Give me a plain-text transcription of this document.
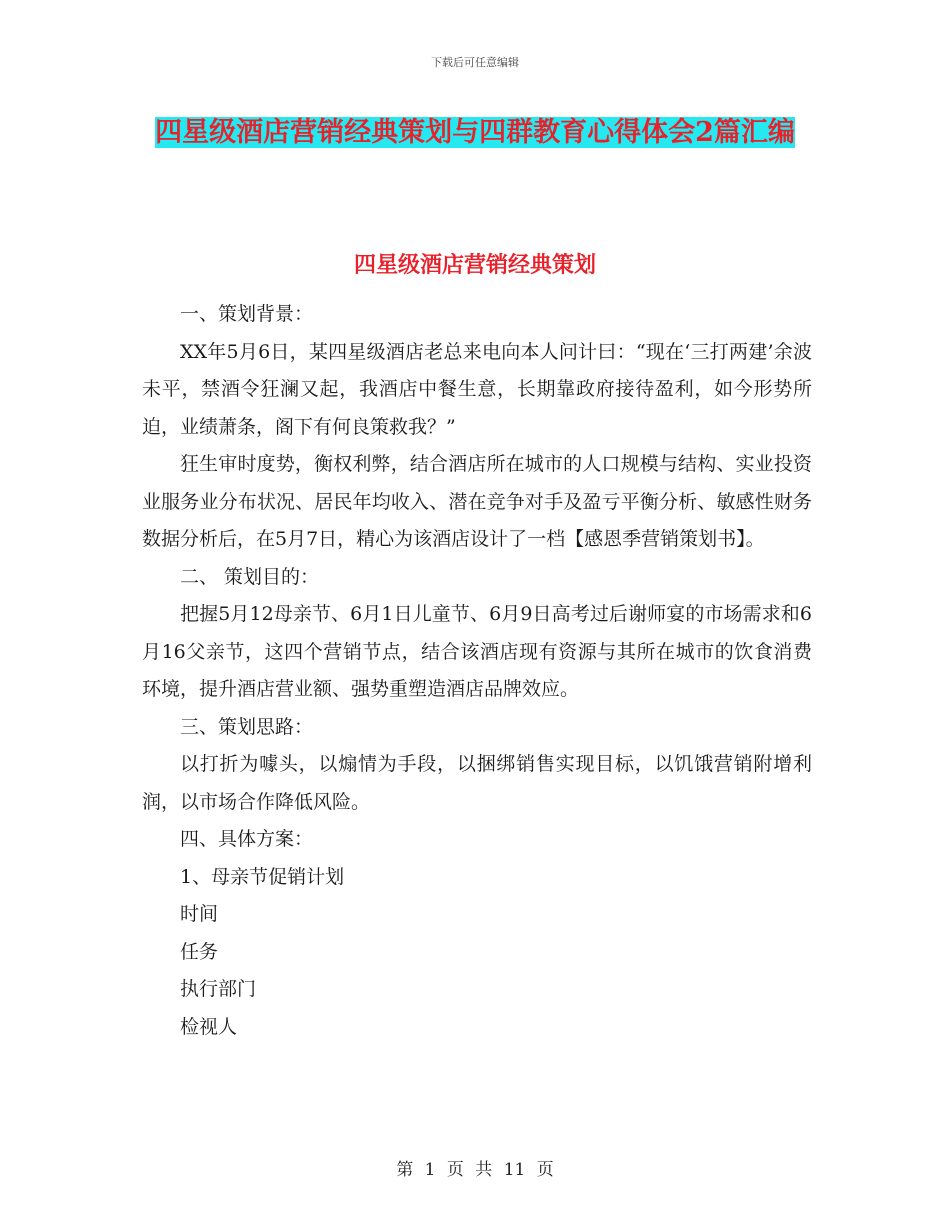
下载后可任意编辑
四星级酒店营销经典策划与四群教育心得体会2篇汇编
四星级酒店营销经典策划

一、策划背景：

XX年5月6日，某四星级酒店老总来电向本人问计曰：“现在‘三打两建’余波未平，禁酒令狂澜又起，我酒店中餐生意，长期靠政府接待盈利，如今形势所迫，业绩萧条，阁下有何良策救我？”

狂生审时度势，衡权利弊，结合酒店所在城市的人口规模与结构、实业投资业服务业分布状况、居民年均收入、潜在竞争对手及盈亏平衡分析、敏感性财务数据分析后，在5月7日，精心为该酒店设计了一档【感恩季营销策划书】。

二、 策划目的：

把握5月12母亲节、6月1日儿童节、6月9日高考过后谢师宴的市场需求和6月16父亲节，这四个营销节点，结合该酒店现有资源与其所在城市的饮食消费环境，提升酒店营业额、强势重塑造酒店品牌效应。

三、策划思路：

以打折为噱头，以煽情为手段，以捆绑销售实现目标，以饥饿营销附增利润，以市场合作降低风险。

四、具体方案：

1、母亲节促销计划

时间

任务

执行部门

检视人

第 1 页 共 11 页
